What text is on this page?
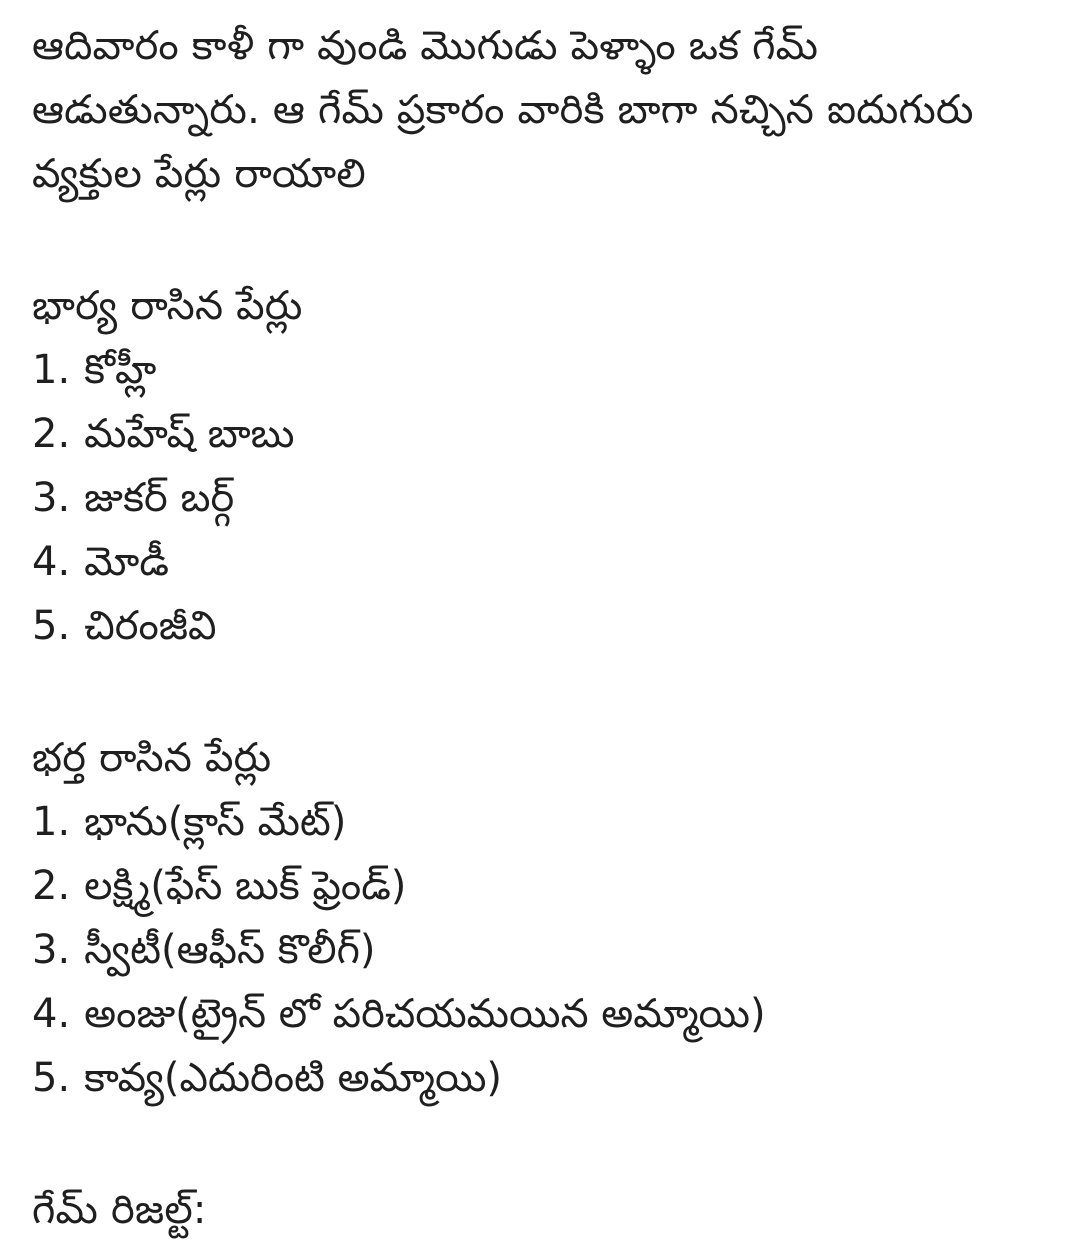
ఆదివారం కాళీ గా వుండి మొగుడు పెళ్ళాం ఒక గేమ్
ఆడుతున్నారు. ఆ గేమ్ ప్రకారం వారికి బాగా నచ్చిన ఐదుగురు
వ్యక్తుల పేర్లు రాయాలి
భార్య రాసిన పేర్లు
1. కోహ్లీ
2. మహేష్ బాబు
3. జుకర్ బర్గ్
4. మోడీ
5. చిరంజీవి
భర్త రాసిన పేర్లు
1. భాను(క్లాస్ మేట్)
2. లక్ష్మి(ఫేస్ బుక్ ఫ్రెండ్)
3. స్వీటీ(ఆఫీస్ కొలీగ్)
4. అంజు(ట్రైన్ లో పరిచయమయిన అమ్మాయి)
5. కావ్య(ఎదురింటి అమ్మాయి)
గేమ్ రిజల్ట్:
